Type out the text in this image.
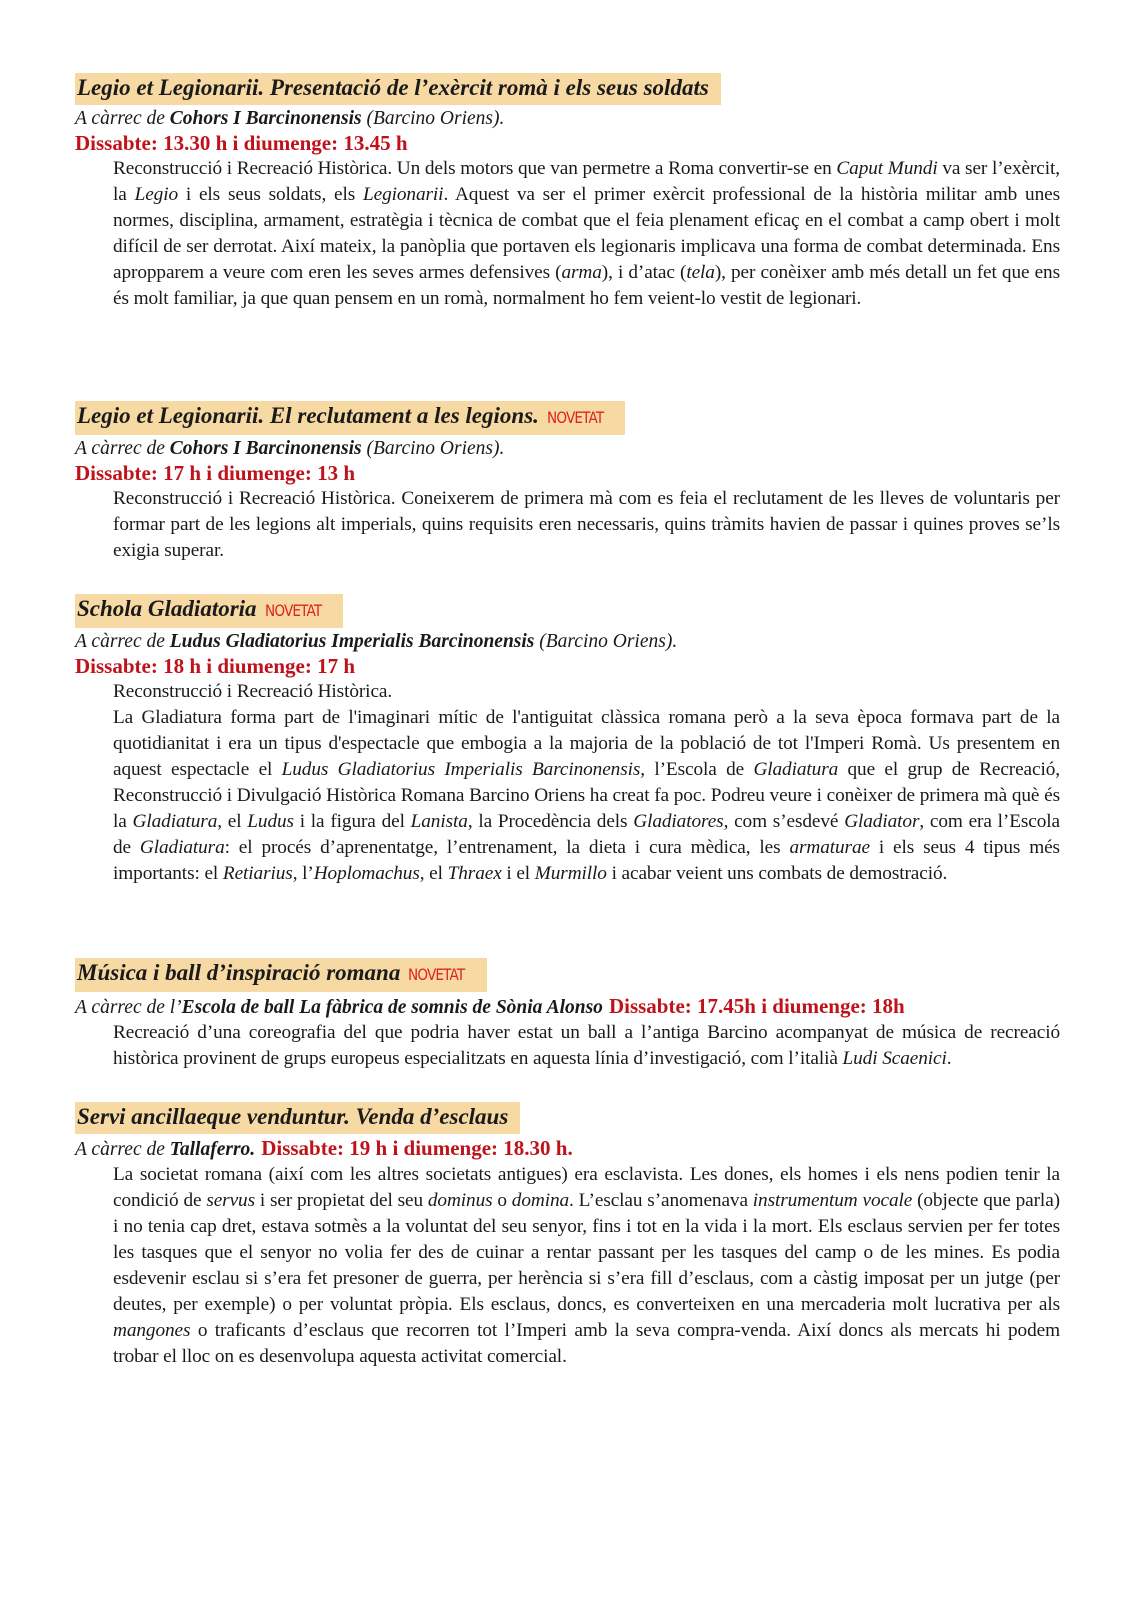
Legio et Legionarii. Presentació de l’exèrcit romà i els seus soldats
A càrrec de Cohors I Barcinonensis (Barcino Oriens).
Dissabte: 13.30 h i diumenge: 13.45 h

Reconstrucció i Recreació Històrica. Un dels motors que van permetre a Roma convertir-se en Caput Mundi va ser l’exèrcit, la Legio i els seus soldats, els Legionarii. Aquest va ser el primer exèrcit professional de la història militar amb unes normes, disciplina, armament, estratègia i tècnica de combat que el feia plenament eficaç en el combat a camp obert i molt difícil de ser derrotat. Així mateix, la panòplia que portaven els legionaris implicava una forma de combat determinada. Ens apropparem a veure com eren les seves armes defensives (arma), i d’atac (tela), per conèixer amb més detall un fet que ens és molt familiar, ja que quan pensem en un romà, normalment ho fem veient-lo vestit de legionari.

Legio et Legionarii. El reclutament a les legions. NOVETAT
A càrrec de Cohors I Barcinonensis (Barcino Oriens).
Dissabte: 17 h i diumenge: 13 h

Reconstrucció i Recreació Històrica. Coneixerem de primera mà com es feia el reclutament de les lleves de voluntaris per formar part de les legions alt imperials, quins requisits eren necessaris, quins tràmits havien de passar i quines proves se’ls exigia superar.

Schola Gladiatoria NOVETAT
A càrrec de Ludus Gladiatorius Imperialis Barcinonensis (Barcino Oriens).
Dissabte: 18 h i diumenge: 17 h

Reconstrucció i Recreació Històrica.

La Gladiatura forma part de l'imaginari mític de l'antiguitat clàssica romana però a la seva època formava part de la quotidianitat i era un tipus d'espectacle que embogia a la majoria de la població de tot l'Imperi Romà. Us presentem en aquest espectacle el Ludus Gladiatorius Imperialis Barcinonensis, l’Escola de Gladiatura que el grup de Recreació, Reconstrucció i Divulgació Històrica Romana Barcino Oriens ha creat fa poc. Podreu veure i conèixer de primera mà què és la Gladiatura, el Ludus i la figura del Lanista, la Procedència dels Gladiatores, com s’esdevé Gladiator, com era l’Escola de Gladiatura: el procés d’aprenentatge, l’entrenament, la dieta i cura mèdica, les armaturae i els seus 4 tipus més importants: el Retiarius, l’Hoplomachus, el Thraex i el Murmillo i acabar veient uns combats de demostració.

Música i ball d’inspiració romana NOVETAT
A càrrec de l’Escola de ball La fàbrica de somnis de Sònia Alonso Dissabte: 17.45h i diumenge: 18h

Recreació d’una coreografia del que podria haver estat un ball a l’antiga Barcino acompanyat de música de recreació històrica provinent de grups europeus especialitzats en aquesta línia d’investigació, com l’italià Ludi Scaenici.

Servi ancillaeque venduntur. Venda d’esclaus
A càrrec de Tallaferro. Dissabte: 19 h i diumenge: 18.30 h.

La societat romana (així com les altres societats antigues) era esclavista. Les dones, els homes i els nens podien tenir la condició de servus i ser propietat del seu dominus o domina. L’esclau s’anomenava instrumentum vocale (objecte que parla) i no tenia cap dret, estava sotmès a la voluntat del seu senyor, fins i tot en la vida i la mort. Els esclaus servien per fer totes les tasques que el senyor no volia fer des de cuinar a rentar passant per les tasques del camp o de les mines. Es podia esdevenir esclau si s’era fet presoner de guerra, per herència si s’era fill d’esclaus, com a càstig imposat per un jutge (per deutes, per exemple) o per voluntat pròpia. Els esclaus, doncs, es converteixen en una mercaderia molt lucrativa per als mangones o traficants d’esclaus que recorren tot l’Imperi amb la seva compra-venda. Així doncs als mercats hi podem trobar el lloc on es desenvolupa aquesta activitat comercial.
